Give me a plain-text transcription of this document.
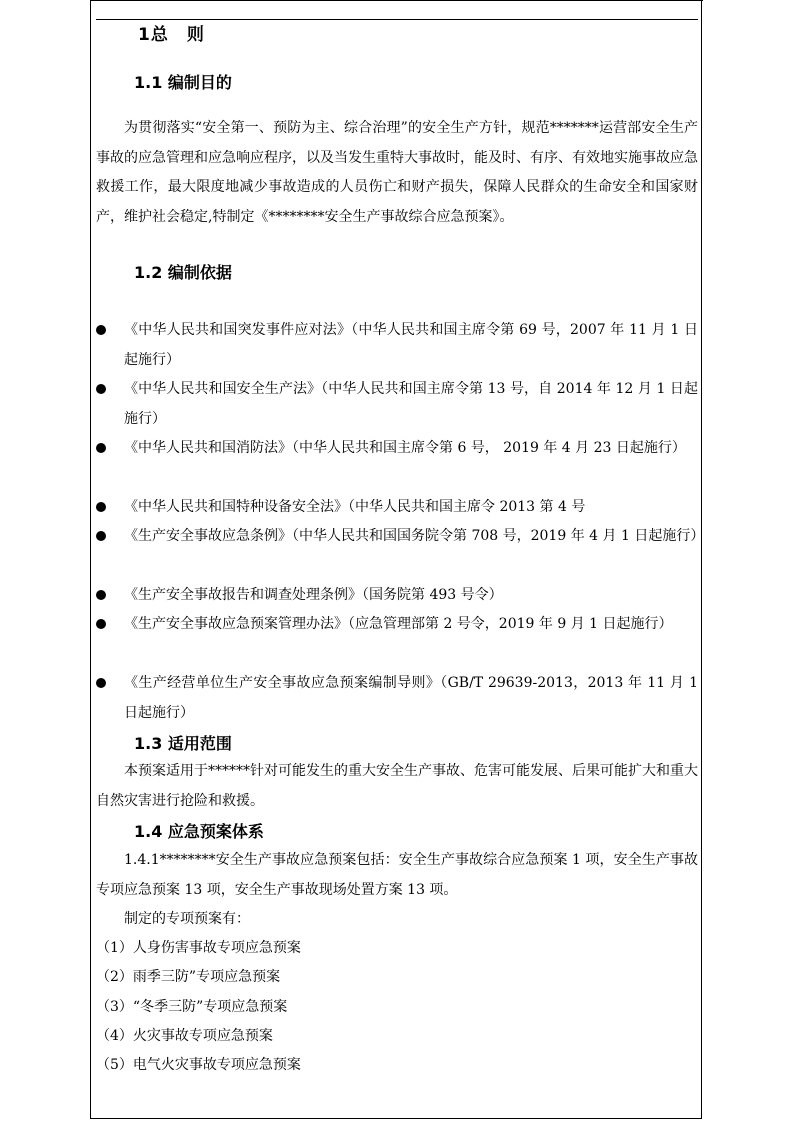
1总 则
1.1 编制目的
为贯彻落实“安全第一、预防为主、综合治理”的安全生产方针，规范*******运营部安全生产事故的应急管理和应急响应程序，以及当发生重特大事故时，能及时、有序、有效地实施事故应急救援工作，最大限度地减少事故造成的人员伤亡和财产损失，保障人民群众的生命安全和国家财产，维护社会稳定,特制定《********安全生产事故综合应急预案》。
1.2 编制依据
《中华人民共和国突发事件应对法》（中华人民共和国主席令第 69 号，2007 年 11 月 1 日起施行）
《中华人民共和国安全生产法》（中华人民共和国主席令第 13 号，自 2014 年 12 月 1 日起施行）
《中华人民共和国消防法》（中华人民共和国主席令第 6 号， 2019 年 4 月 23 日起施行）
《中华人民共和国特种设备安全法》（中华人民共和国主席令 2013 第 4 号
《生产安全事故应急条例》（中华人民共和国国务院令第 708 号，2019 年 4 月 1 日起施行）
《生产安全事故报告和调查处理条例》（国务院第 493 号令）
《生产安全事故应急预案管理办法》（应急管理部第 2 号令，2019 年 9 月 1 日起施行）
《生产经营单位生产安全事故应急预案编制导则》（GB/T 29639-2013，2013 年 11 月 1 日起施行）
1.3 适用范围
本预案适用于******针对可能发生的重大安全生产事故、危害可能发展、后果可能扩大和重大自然灾害进行抢险和救援。
1.4 应急预案体系
1.4.1********安全生产事故应急预案包括：安全生产事故综合应急预案 1 项，安全生产事故专项应急预案 13 项，安全生产事故现场处置方案 13 项。
制定的专项预案有：
（1）人身伤害事故专项应急预案
（2）雨季三防”专项应急预案
（3）“冬季三防”专项应急预案
（4）火灾事故专项应急预案
（5）电气火灾事故专项应急预案
